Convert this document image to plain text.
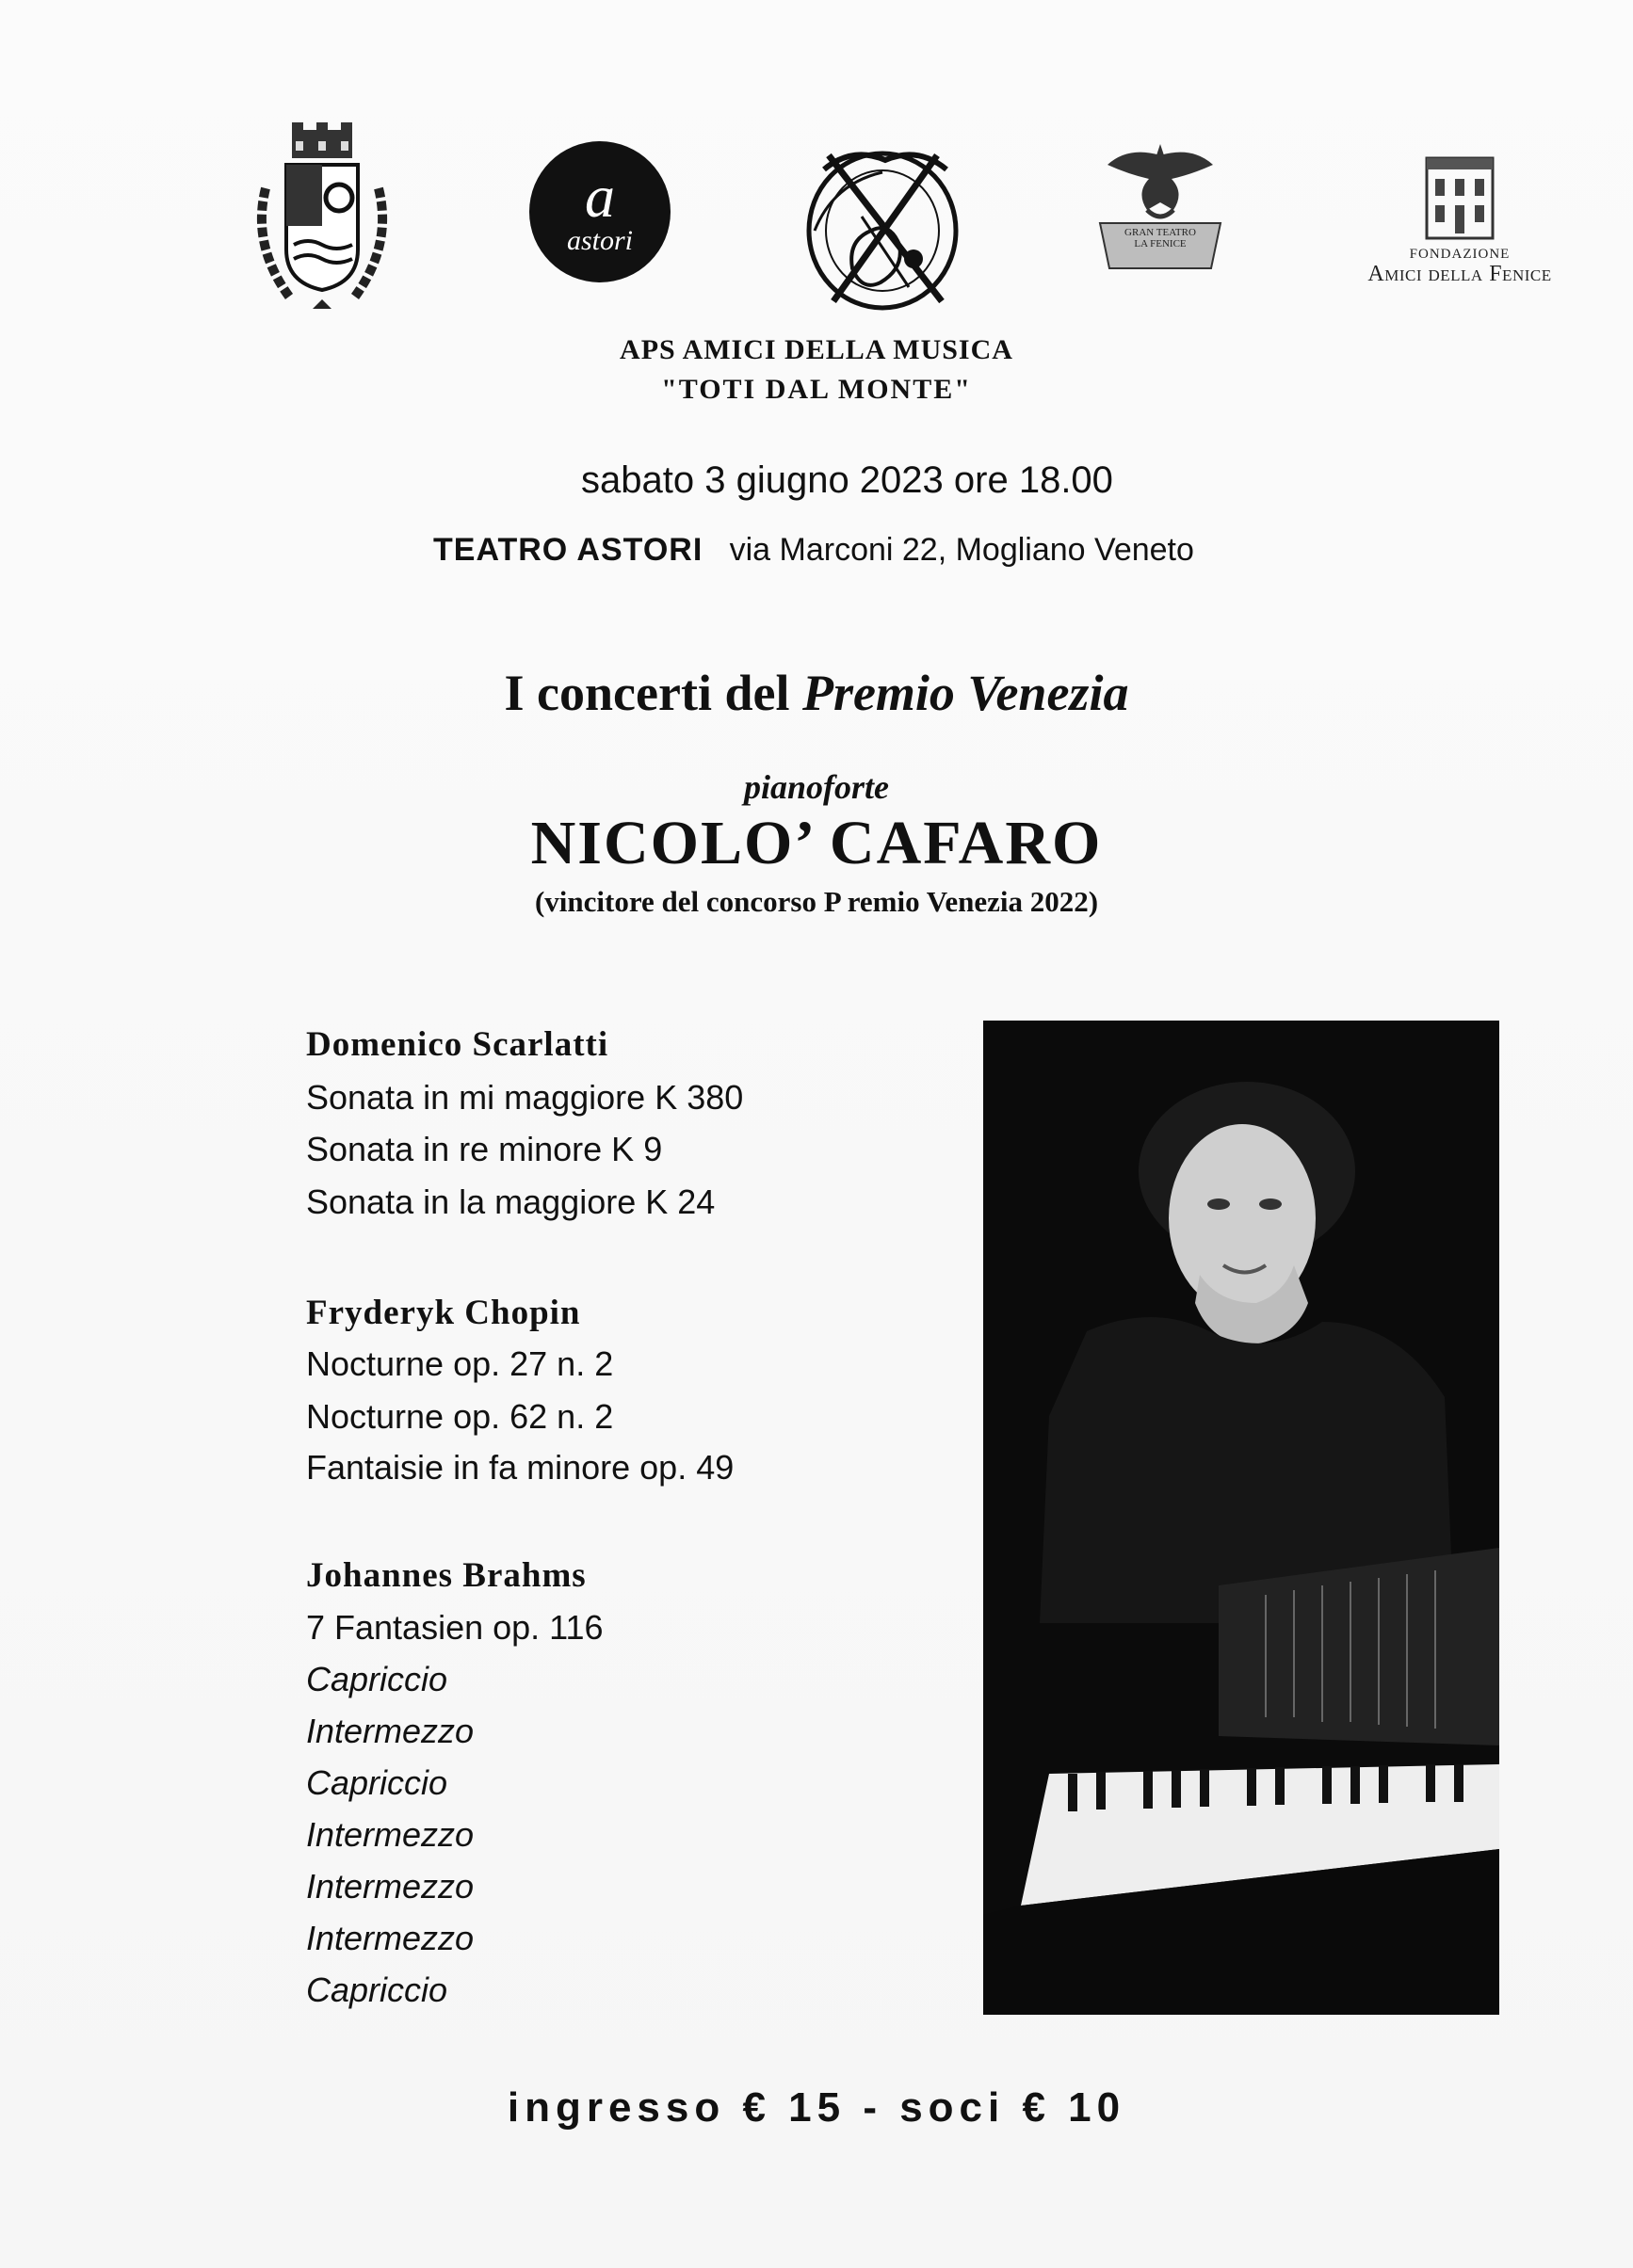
a
astori	GRAN TEATRO
LA FENICE
FONDAZIONE
Amici della Fenice
APS AMICI DELLA MUSICA
"TOTI DAL MONTE"
sabato 3 giugno 2023 ore 18.00
TEATRO ASTORI via Marconi 22, Mogliano Veneto
I concerti del Premio Venezia
pianoforte
NICOLO’ CAFARO
(vincitore del concorso P remio Venezia 2022)
Domenico Scarlatti
Sonata in mi maggiore K 380
Sonata in re minore K 9
Sonata in la maggiore K 24
Fryderyk Chopin
Nocturne op. 27 n. 2
Nocturne op. 62 n. 2
Fantaisie in fa minore op. 49
Johannes Brahms
7 Fantasien op. 116
Capriccio
Intermezzo
Capriccio
Intermezzo
Intermezzo
Intermezzo
Capriccio
ingresso € 15 - soci € 10
